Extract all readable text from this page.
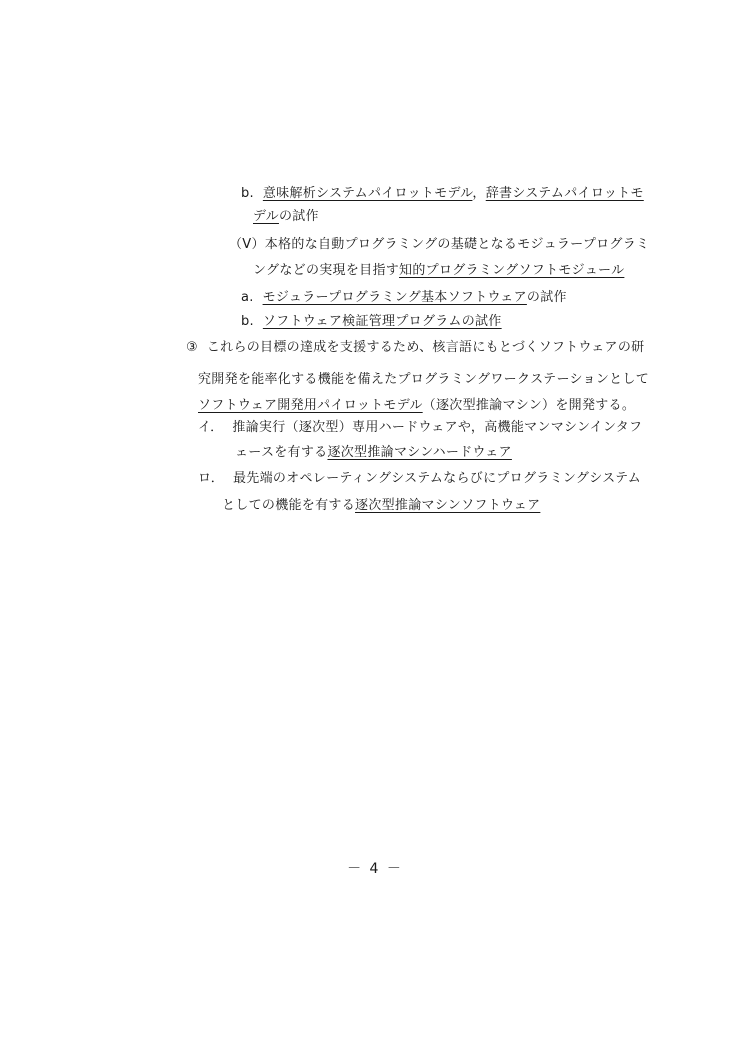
b. 意味解析システムパイロットモデル，辞書システムパイロットモ
デルの試作
（V）本格的な自動プログラミングの基礎となるモジュラープログラミ
ングなどの実現を目指す知的プログラミングソフトモジュール
a. モジュラープログラミング基本ソフトウェアの試作
b. ソフトウェア検証管理プログラムの試作
③ これらの目標の達成を支援するため、核言語にもとづくソフトウェアの研
究開発を能率化する機能を備えたプログラミングワークステーションとして
ソフトウェア開発用パイロットモデル（逐次型推論マシン）を開発する。
イ． 推論実行（逐次型）専用ハードウェアや，高機能マンマシンインタフ
ェースを有する逐次型推論マシンハードウェア
ロ． 最先端のオペレーティングシステムならびにプログラミングシステム
としての機能を有する逐次型推論マシンソフトウェア
－ 4 －
